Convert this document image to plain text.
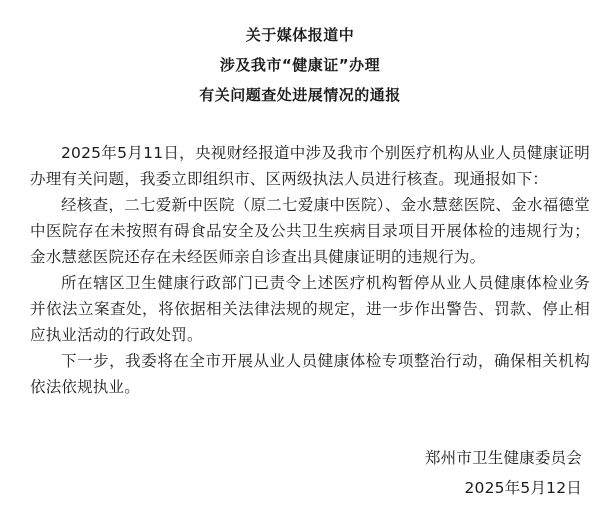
关于媒体报道中
涉及我市“健康证”办理
有关问题查处进展情况的通报

2025年5月11日，央视财经报道中涉及我市个别医疗机构从业人员健康证明办理有关问题，我委立即组织市、区两级执法人员进行核查。现通报如下：

经核查，二七爱新中医院（原二七爱康中医院）、金水慧慈医院、金水福德堂中医院存在未按照有碍食品安全及公共卫生疾病目录项目开展体检的违规行为；金水慧慈医院还存在未经医师亲自诊查出具健康证明的违规行为。

所在辖区卫生健康行政部门已责令上述医疗机构暂停从业人员健康体检业务并依法立案查处，将依据相关法律法规的规定，进一步作出警告、罚款、停止相应执业活动的行政处罚。

下一步，我委将在全市开展从业人员健康体检专项整治行动，确保相关机构依法依规执业。

郑州市卫生健康委员会
2025年5月12日
